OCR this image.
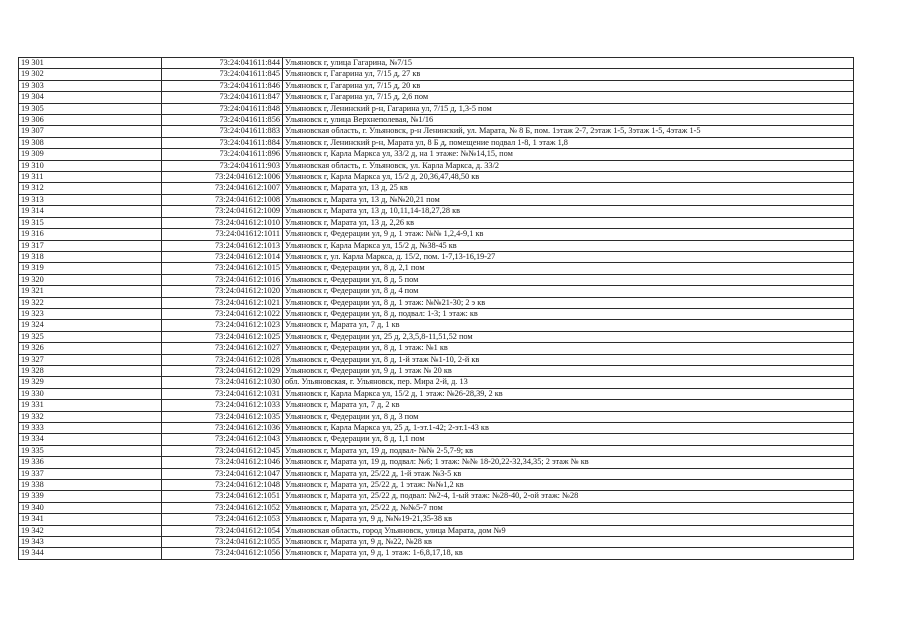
19 301	73:24:041611:844	Ульяновск г, улица Гагарина, №7/15
19 302	73:24:041611:845	Ульяновск г, Гагарина ул, 7/15 д, 27 кв
19 303	73:24:041611:846	Ульяновск г, Гагарина ул, 7/15 д, 20 кв
19 304	73:24:041611:847	Ульяновск г, Гагарина ул, 7/15 д, 2,6 пом
19 305	73:24:041611:848	Ульяновск г, Ленинский р-н, Гагарина ул, 7/15 д, 1,3-5 пом
19 306	73:24:041611:856	Ульяновск г, улица Верхнеполевая, №1/16
19 307	73:24:041611:883	Ульяновская область, г. Ульяновск, р-н Ленинский, ул. Марата, № 8 Б, пом. 1этаж 2-7, 2этаж 1-5, 3этаж 1-5, 4этаж 1-5
19 308	73:24:041611:884	Ульяновск г, Ленинский р-н, Марата ул, 8 Б д, помещение подвал 1-8, 1 этаж 1,8
19 309	73:24:041611:896	Ульяновск г, Карла Маркса ул, 33/2 д, на 1 этаже: №№14,15, пом
19 310	73:24:041611:903	Ульяновская область, г. Ульяновск, ул. Карла Маркса, д. 33/2
19 311	73:24:041612:1006	Ульяновск г, Карла Маркса ул, 15/2 д, 20,36,47,48,50 кв
19 312	73:24:041612:1007	Ульяновск г, Марата ул, 13 д, 25 кв
19 313	73:24:041612:1008	Ульяновск г, Марата ул, 13 д, №№20,21 пом
19 314	73:24:041612:1009	Ульяновск г, Марата ул, 13 д, 10,11,14-18,27,28 кв
19 315	73:24:041612:1010	Ульяновск г, Марата ул, 13 д, 2,26 кв
19 316	73:24:041612:1011	Ульяновск г, Федерации ул, 9 д, 1 этаж: №№ 1,2,4-9,1 кв
19 317	73:24:041612:1013	Ульяновск г, Карла Маркса ул, 15/2 д, №38-45 кв
19 318	73:24:041612:1014	Ульяновск г, ул. Карла Маркса, д. 15/2, пом. 1-7,13-16,19-27
19 319	73:24:041612:1015	Ульяновск г, Федерации ул, 8 д, 2,1 пом
19 320	73:24:041612:1016	Ульяновск г, Федерации ул, 8 д, 5 пом
19 321	73:24:041612:1020	Ульяновск г, Федерации ул, 8 д, 4 пом
19 322	73:24:041612:1021	Ульяновск г, Федерации ул, 8 д, 1 этаж: №№21-30; 2 э кв
19 323	73:24:041612:1022	Ульяновск г, Федерации ул, 8 д, подвал: 1-3; 1 этаж: кв
19 324	73:24:041612:1023	Ульяновск г, Марата ул, 7 д, 1 кв
19 325	73:24:041612:1025	Ульяновск г, Федерации ул, 25 д, 2,3,5,8-11,51,52 пом
19 326	73:24:041612:1027	Ульяновск г, Федерации ул, 8 д, 1 этаж: №1 кв
19 327	73:24:041612:1028	Ульяновск г, Федерации ул, 8 д, 1-й этаж №1-10, 2-й кв
19 328	73:24:041612:1029	Ульяновск г, Федерации ул, 9 д, 1 этаж № 20 кв
19 329	73:24:041612:1030	обл. Ульяновская, г. Ульяновск, пер. Мира 2-й, д. 13
19 330	73:24:041612:1031	Ульяновск г, Карла Маркса ул, 15/2 д, 1 этаж: №26-28,39, 2 кв
19 331	73:24:041612:1033	Ульяновск г, Марата ул, 7 д, 2 кв
19 332	73:24:041612:1035	Ульяновск г, Федерации ул, 8 д, 3 пом
19 333	73:24:041612:1036	Ульяновск г, Карла Маркса ул, 25 д, 1-эт.1-42; 2-эт.1-43 кв
19 334	73:24:041612:1043	Ульяновск г, Федерации ул, 8 д, 1,1 пом
19 335	73:24:041612:1045	Ульяновск г, Марата ул, 19 д, подвал- №№ 2-5,7-9; кв
19 336	73:24:041612:1046	Ульяновск г, Марата ул, 19 д, подвал: №6; 1 этаж: №№ 18-20,22-32,34,35; 2 этаж № кв
19 337	73:24:041612:1047	Ульяновск г, Марата ул, 25/22 д, 1-й этаж №3-5 кв
19 338	73:24:041612:1048	Ульяновск г, Марата ул, 25/22 д, 1 этаж: №№1,2 кв
19 339	73:24:041612:1051	Ульяновск г, Марата ул, 25/22 д, подвал: №2-4, 1-ый этаж: №28-40, 2-ой этаж: №28
19 340	73:24:041612:1052	Ульяновск г, Марата ул, 25/22 д, №№5-7 пом
19 341	73:24:041612:1053	Ульяновск г, Марата ул, 9 д, №№19-21,35-38 кв
19 342	73:24:041612:1054	Ульяновская область, город Ульяновск, улица Марата, дом №9
19 343	73:24:041612:1055	Ульяновск г, Марата ул, 9 д, №22, №28 кв
19 344	73:24:041612:1056	Ульяновск г, Марата ул, 9 д, 1 этаж: 1-6,8,17,18, кв
